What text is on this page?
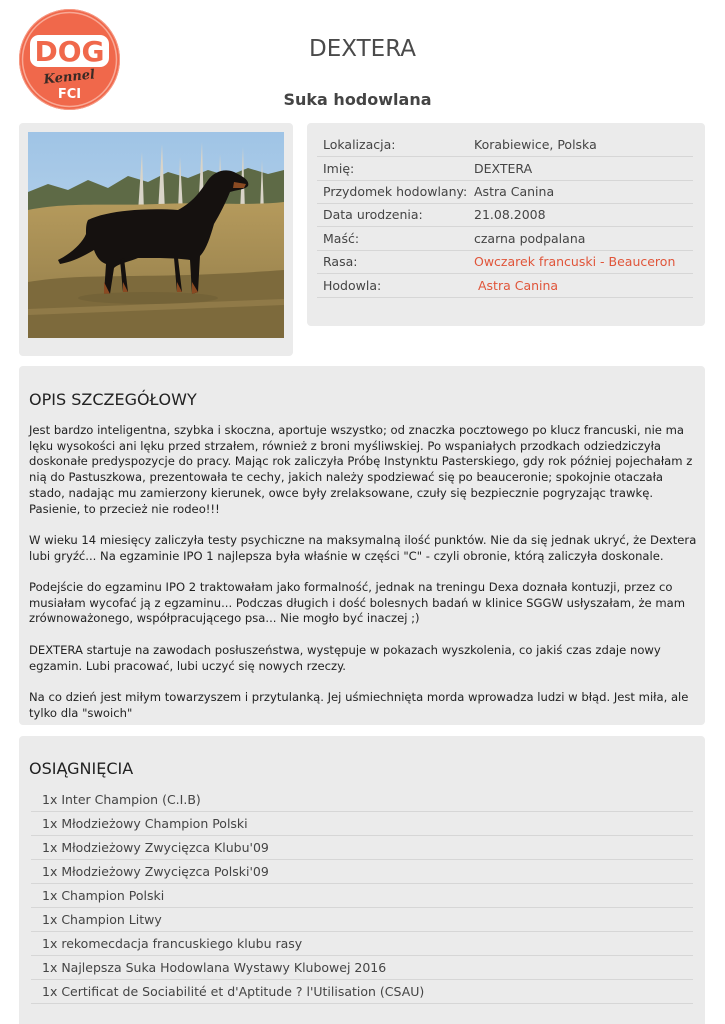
DOG
Kennel
FCI
DEXTERA
Suka hodowlana
Lokalizacja:	Korabiewice, Polska
Imię:	DEXTERA
Przydomek hodowlany: Astra Canina
Data urodzenia:	21.08.2008
Maść:	czarna podpalana
Rasa:	Owczarek francuski - Beauceron
Hodowla:	Astra Canina
OPIS SZCZEGÓŁOWY

Jest bardzo inteligentna, szybka i skoczna, aportuje wszystko; od znaczka pocztowego po klucz francuski, nie ma lęku wysokości ani lęku przed strzałem, również z broni myśliwskiej. Po wspaniałych przodkach odziedziczyła doskonałe predyspozycje do pracy. Mając rok zaliczyła Próbę Instynktu Pasterskiego, gdy rok później pojechałam z nią do Pastuszkowa, prezentowała te cechy, jakich należy spodziewać się po beauceronie; spokojnie otaczała stado, nadając mu zamierzony kierunek, owce były zrelaksowane, czuły się bezpiecznie pogryzając trawkę. Pasienie, to przecież nie rodeo!!!

W wieku 14 miesięcy zaliczyła testy psychiczne na maksymalną ilość punktów. Nie da się jednak ukryć, że Dextera lubi gryźć... Na egzaminie IPO 1 najlepsza była właśnie w części "C" - czyli obronie, którą zaliczyła doskonale.

Podejście do egzaminu IPO 2 traktowałam jako formalność, jednak na treningu Dexa doznała kontuzji, przez co musiałam wycofać ją z egzaminu... Podczas długich i dość bolesnych badań w klinice SGGW usłyszałam, że mam zrównoważonego, współpracującego psa... Nie mogło być inaczej ;)

DEXTERA startuje na zawodach posłuszeństwa, występuje w pokazach wyszkolenia, co jakiś czas zdaje nowy egzamin. Lubi pracować, lubi uczyć się nowych rzeczy.

Na co dzień jest miłym towarzyszem i przytulanką. Jej uśmiechnięta morda wprowadza ludzi w błąd. Jest miła, ale tylko dla "swoich"

OSIĄGNIĘCIA
1x Inter Champion (C.I.B)
1x Młodzieżowy Champion Polski
1x Młodzieżowy Zwycięzca Klubu'09
1x Młodzieżowy Zwycięzca Polski'09
1x Champion Polski
1x Champion Litwy
1x rekomecdacja francuskiego klubu rasy
1x Najlepsza Suka Hodowlana Wystawy Klubowej 2016
1x Certificat de Sociabilité et d'Aptitude ? l'Utilisation (CSAU)
